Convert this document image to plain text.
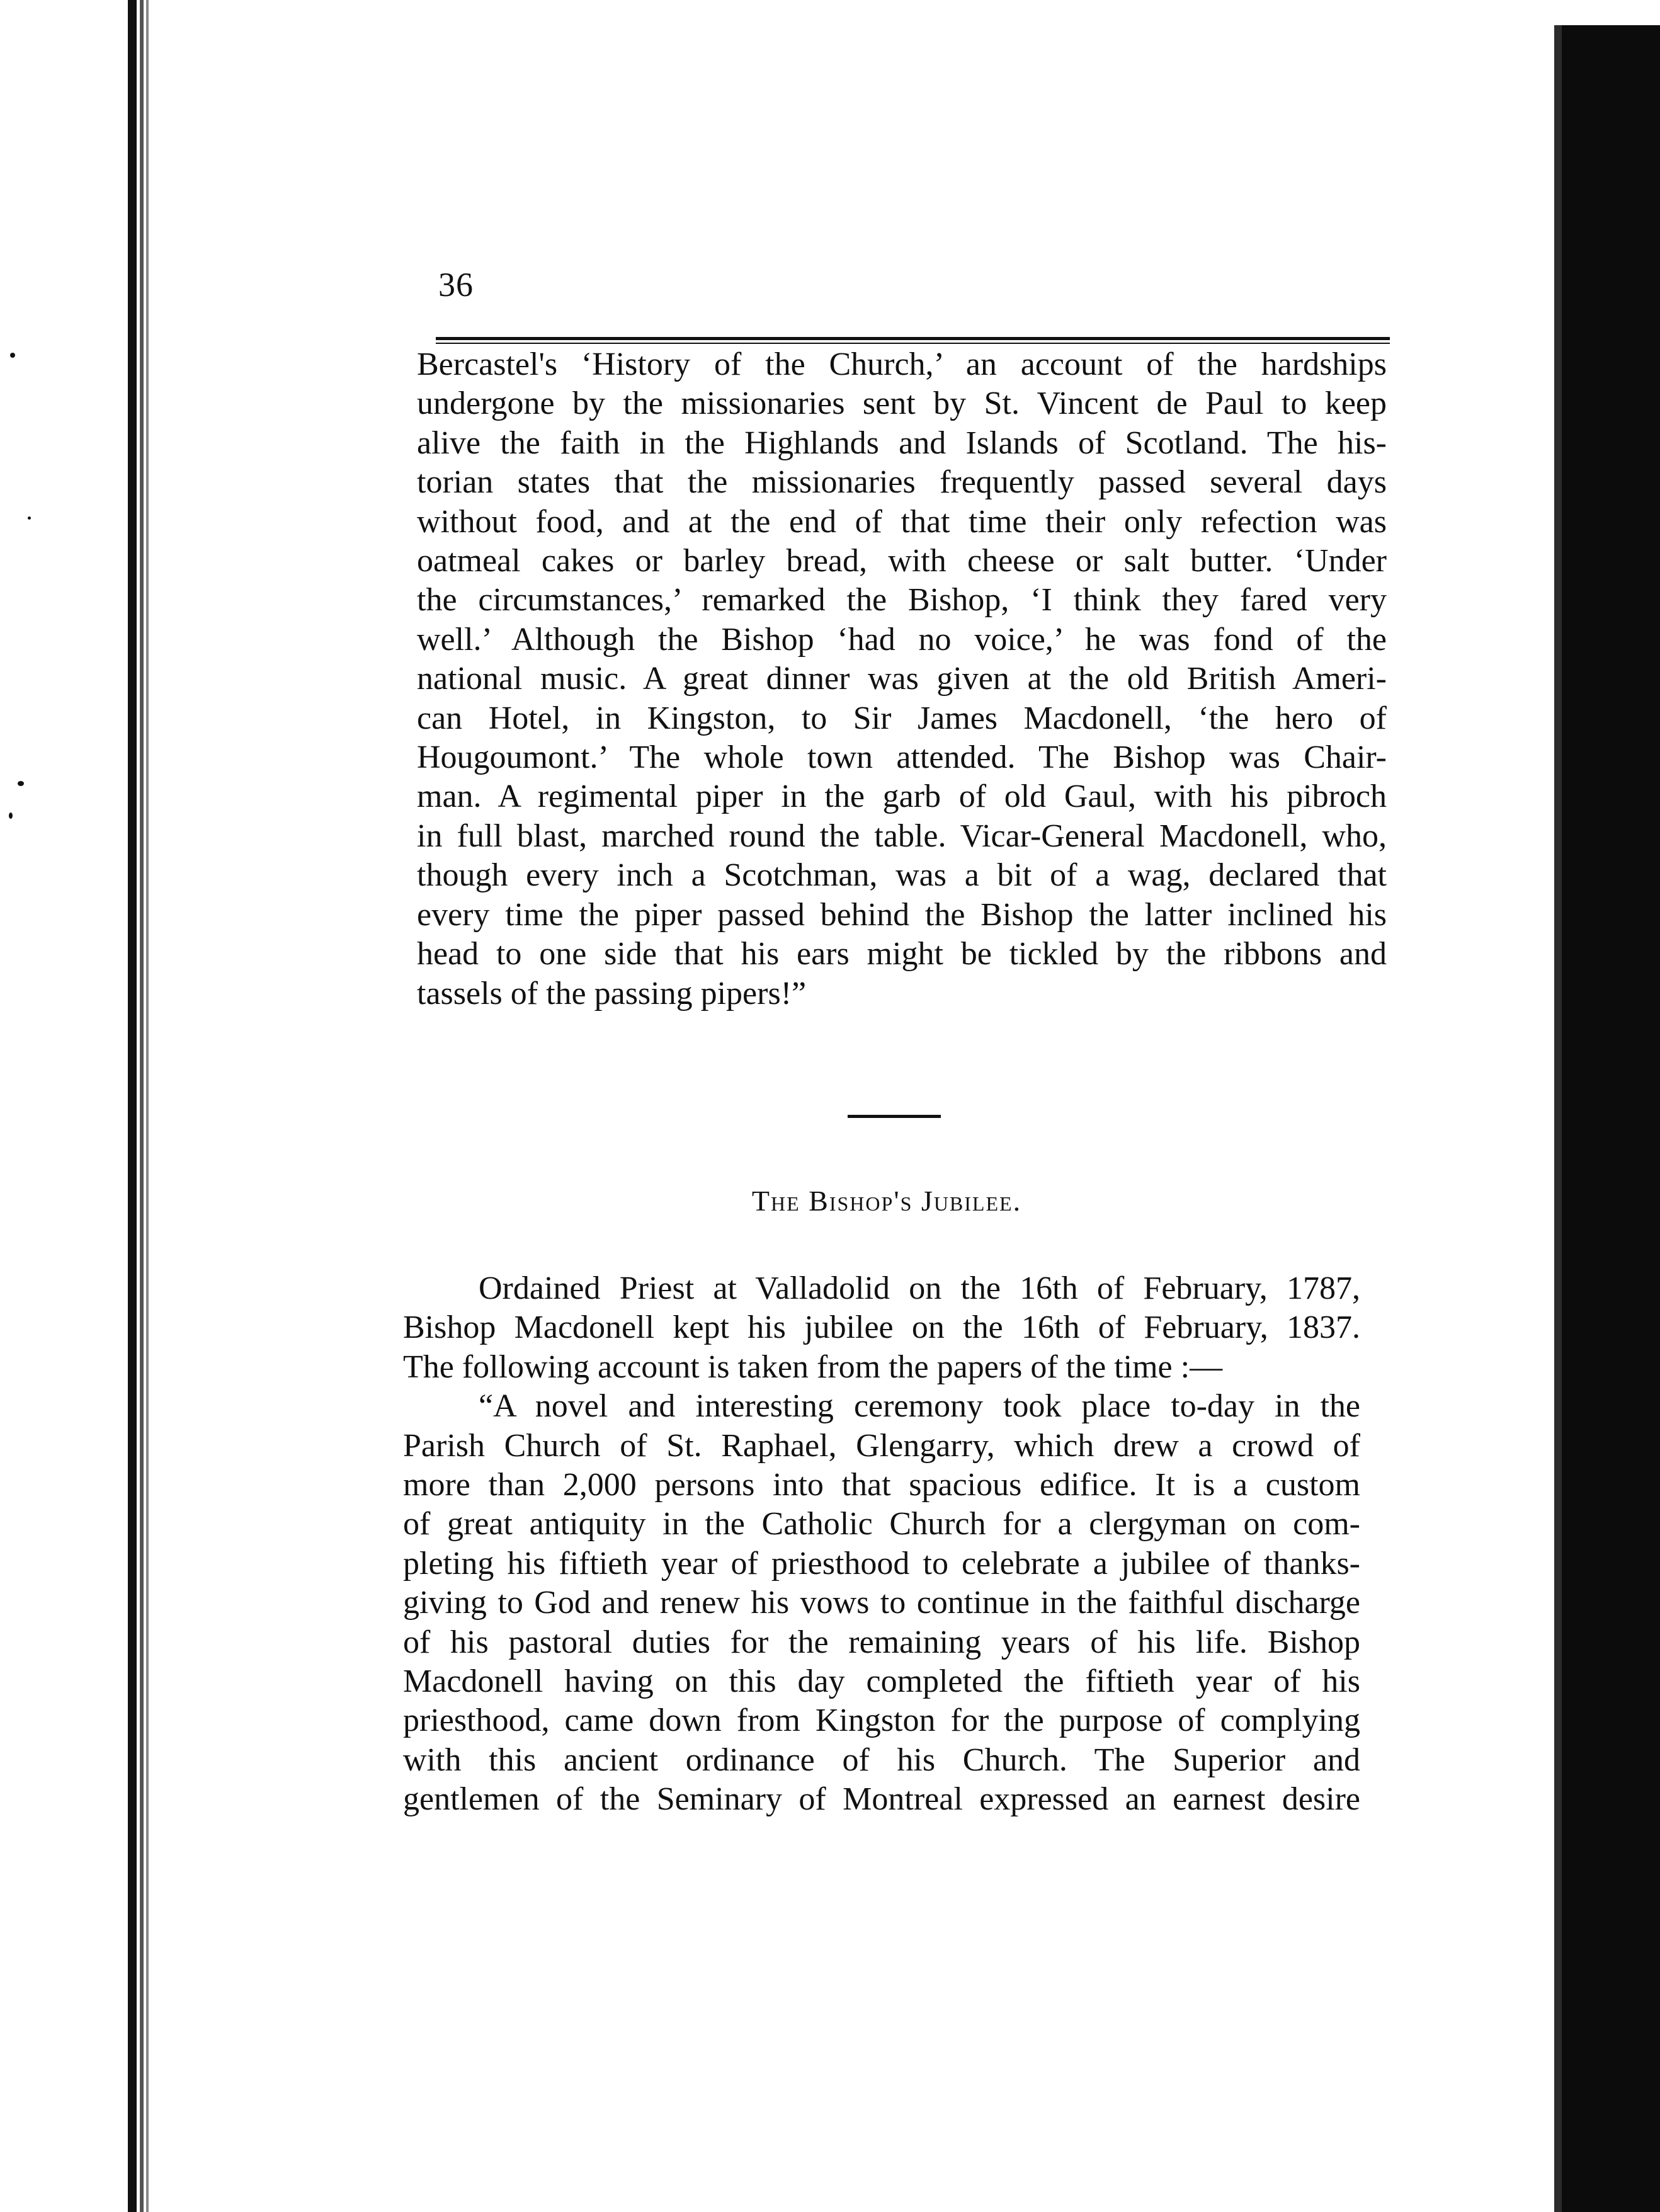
36
Bercastel's ‘History of the Church,’ an account of the hardships
undergone by the missionaries sent by St. Vincent de Paul to keep
alive the faith in the Highlands and Islands of Scotland. The his-
torian states that the missionaries frequently passed several days
without food, and at the end of that time their only refection was
oatmeal cakes or barley bread, with cheese or salt butter. ‘Under
the circumstances,’ remarked the Bishop, ‘I think they fared very
well.’ Although the Bishop ‘had no voice,’ he was fond of the
national music. A great dinner was given at the old British Ameri-
can Hotel, in Kingston, to Sir James Macdonell, ‘the hero of
Hougoumont.’ The whole town attended. The Bishop was Chair-
man. A regimental piper in the garb of old Gaul, with his pibroch
in full blast, marched round the table. Vicar-General Macdonell, who,
though every inch a Scotchman, was a bit of a wag, declared that
every time the piper passed behind the Bishop the latter inclined his
head to one side that his ears might be tickled by the ribbons and
tassels of the passing pipers!”
The Bishop's Jubilee.
Ordained Priest at Valladolid on the 16th of February, 1787,
Bishop Macdonell kept his jubilee on the 16th of February, 1837.
The following account is taken from the papers of the time :—
“A novel and interesting ceremony took place to-day in the
Parish Church of St. Raphael, Glengarry, which drew a crowd of
more than 2,000 persons into that spacious edifice. It is a custom
of great antiquity in the Catholic Church for a clergyman on com-
pleting his fiftieth year of priesthood to celebrate a jubilee of thanks-
giving to God and renew his vows to continue in the faithful discharge
of his pastoral duties for the remaining years of his life. Bishop
Macdonell having on this day completed the fiftieth year of his
priesthood, came down from Kingston for the purpose of complying
with this ancient ordinance of his Church. The Superior and
gentlemen of the Seminary of Montreal expressed an earnest desire
